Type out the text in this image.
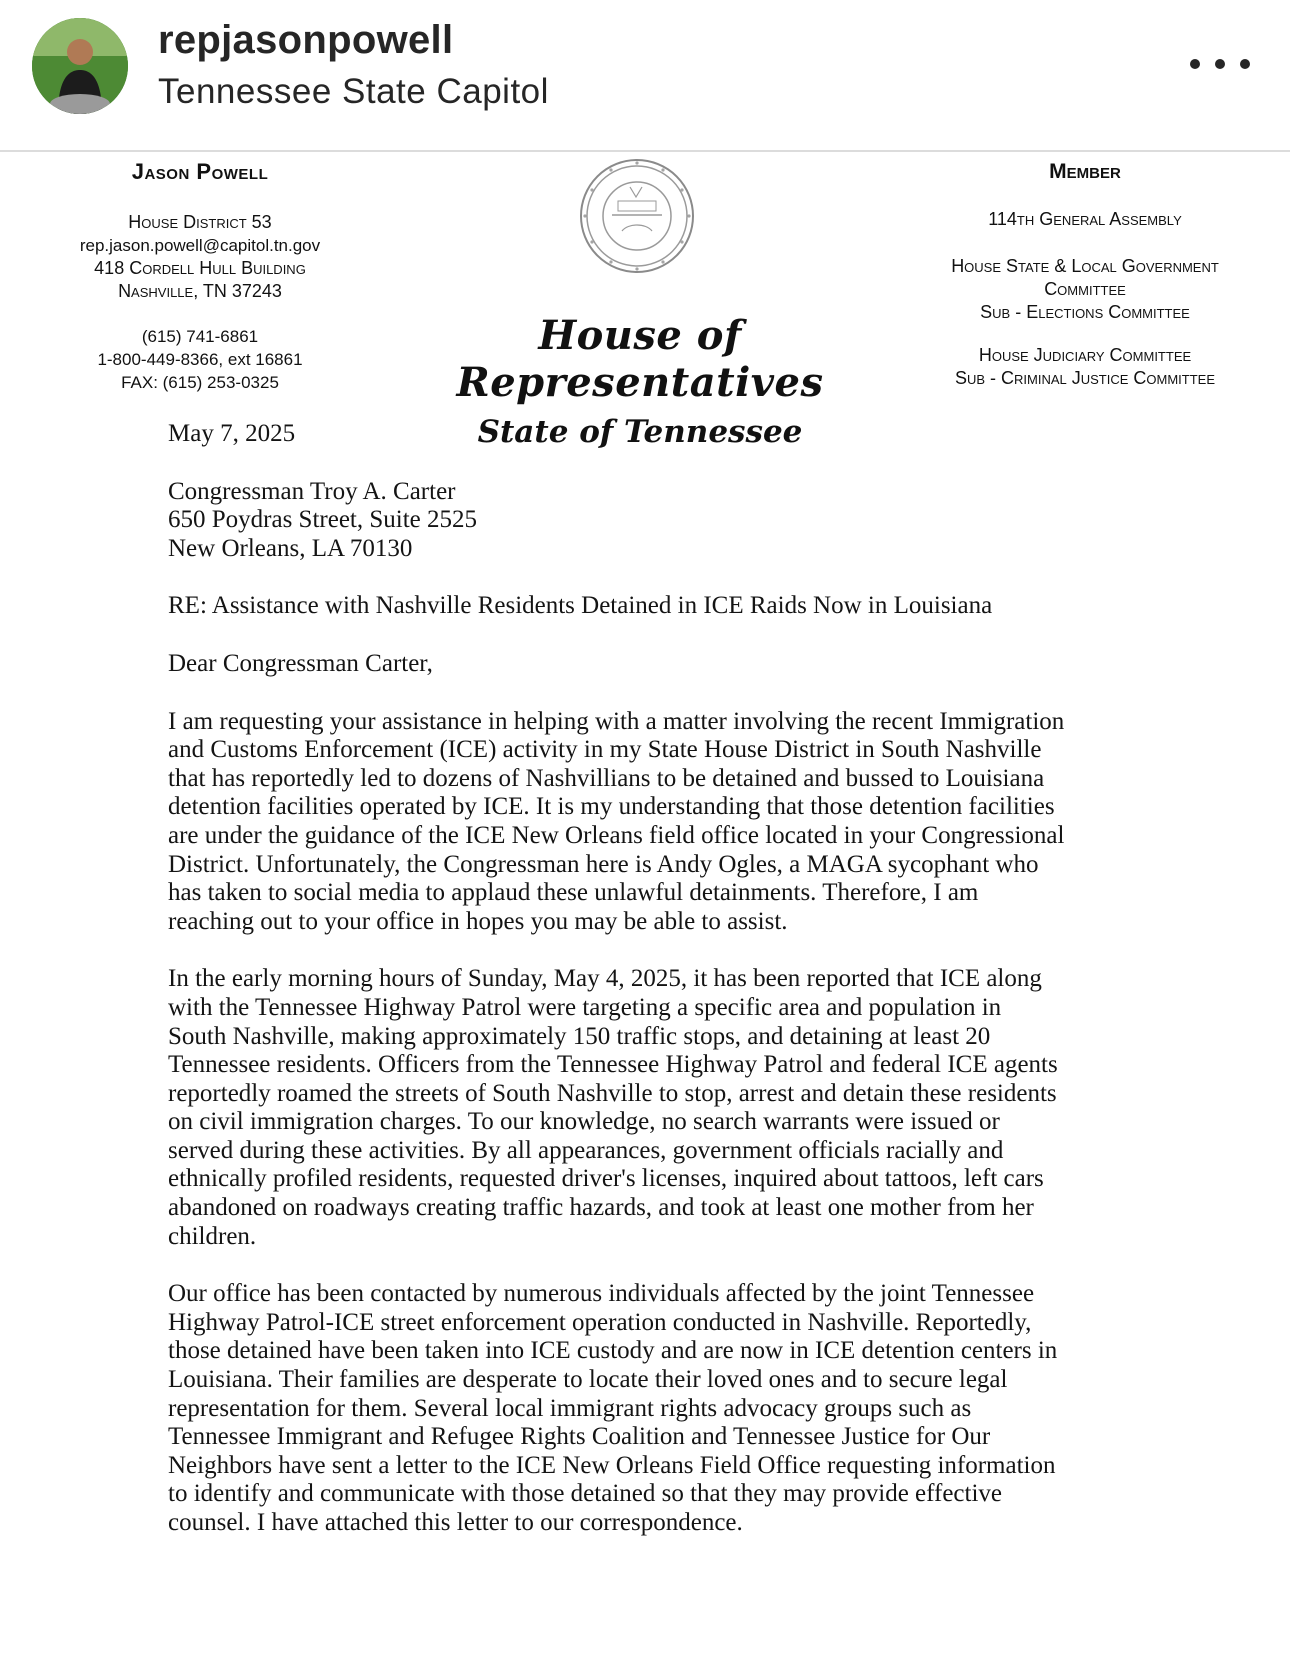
repjasonpowell
Tennessee State Capitol
Jason Powell
House District 53
rep.jason.powell@capitol.tn.gov
418 Cordell Hull Building
Nashville, TN 37243
(615) 741-6861
1-800-449-8366, ext 16861
FAX: (615) 253-0325
House of Representatives
State of Tennessee
Member
114th General Assembly
House State & Local Government
Committee
Sub - Elections Committee
House Judiciary Committee
Sub - Criminal Justice Committee

May 7, 2025

Congressman Troy A. Carter

650 Poydras Street, Suite 2525

New Orleans, LA 70130

RE: Assistance with Nashville Residents Detained in ICE Raids Now in Louisiana

Dear Congressman Carter,

I am requesting your assistance in helping with a matter involving the recent Immigration

and Customs Enforcement (ICE) activity in my State House District in South Nashville

that has reportedly led to dozens of Nashvillians to be detained and bussed to Louisiana

detention facilities operated by ICE. It is my understanding that those detention facilities

are under the guidance of the ICE New Orleans field office located in your Congressional

District. Unfortunately, the Congressman here is Andy Ogles, a MAGA sycophant who

has taken to social media to applaud these unlawful detainments. Therefore, I am

reaching out to your office in hopes you may be able to assist.

In the early morning hours of Sunday, May 4, 2025, it has been reported that ICE along

with the Tennessee Highway Patrol were targeting a specific area and population in

South Nashville, making approximately 150 traffic stops, and detaining at least 20

Tennessee residents. Officers from the Tennessee Highway Patrol and federal ICE agents

reportedly roamed the streets of South Nashville to stop, arrest and detain these residents

on civil immigration charges. To our knowledge, no search warrants were issued or

served during these activities. By all appearances, government officials racially and

ethnically profiled residents, requested driver's licenses, inquired about tattoos, left cars

abandoned on roadways creating traffic hazards, and took at least one mother from her

children.

Our office has been contacted by numerous individuals affected by the joint Tennessee

Highway Patrol-ICE street enforcement operation conducted in Nashville. Reportedly,

those detained have been taken into ICE custody and are now in ICE detention centers in

Louisiana. Their families are desperate to locate their loved ones and to secure legal

representation for them. Several local immigrant rights advocacy groups such as

Tennessee Immigrant and Refugee Rights Coalition and Tennessee Justice for Our

Neighbors have sent a letter to the ICE New Orleans Field Office requesting information

to identify and communicate with those detained so that they may provide effective

counsel. I have attached this letter to our correspondence.
